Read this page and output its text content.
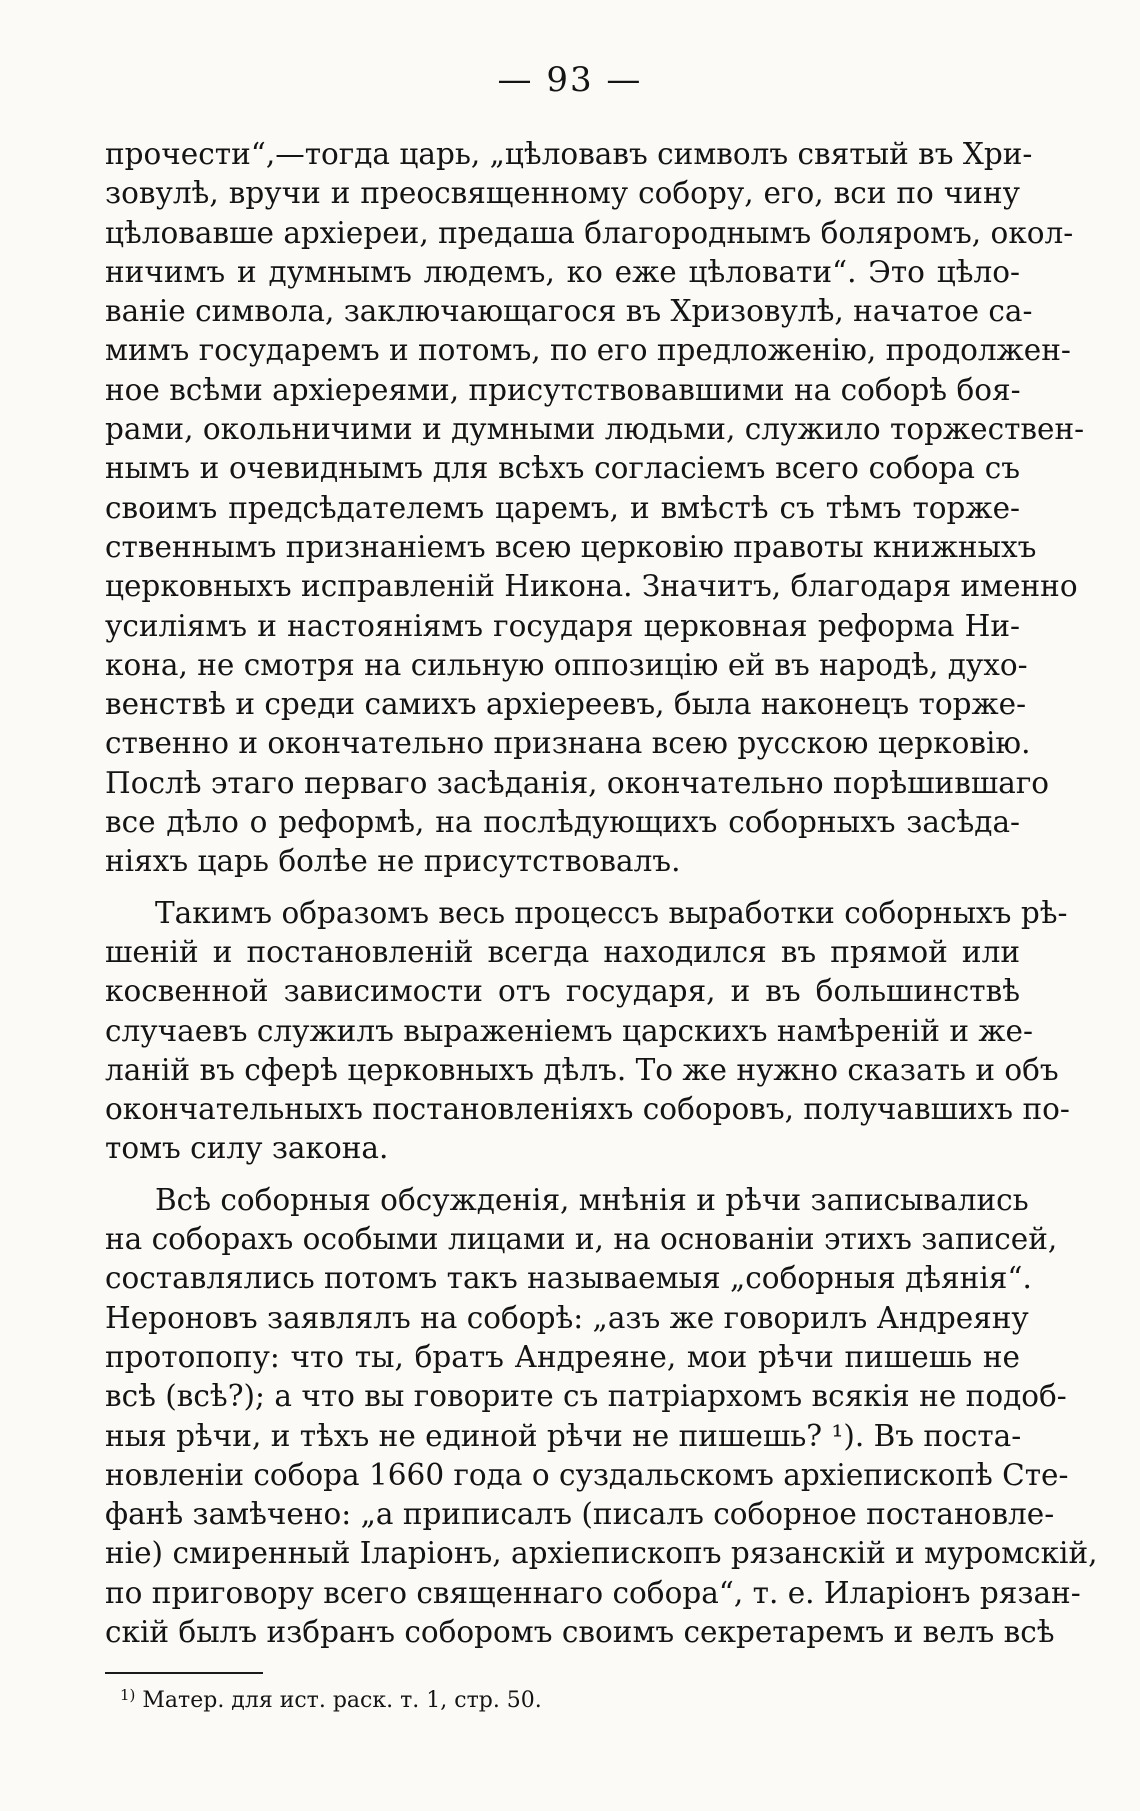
— 93 —
прочести“,—тогда царь, „цѣловавъ символъ святый въ Хри-
зовулѣ, вручи и преосвященному собору, его, вси по чину
цѣловавше архіереи, предаша благороднымъ боляромъ, окол-
ничимъ и думнымъ людемъ, ко еже цѣловати“. Это цѣло-
ваніе символа, заключающагося въ Хризовулѣ, начатое са-
мимъ государемъ и потомъ, по его предложенію, продолжен-
ное всѣми архіереями, присутствовавшими на соборѣ боя-
рами, окольничими и думными людьми, служило торжествен-
нымъ и очевиднымъ для всѣхъ согласіемъ всего собора съ
своимъ предсѣдателемъ царемъ, и вмѣстѣ съ тѣмъ торже-
ственнымъ признаніемъ всею церковію правоты книжныхъ
церковныхъ исправленій Никона. Значитъ, благодаря именно
усиліямъ и настояніямъ государя церковная реформа Ни-
кона, не смотря на сильную оппозицію ей въ народѣ, духо-
венствѣ и среди самихъ архіереевъ, была наконецъ торже-
ственно и окончательно признана всею русскою церковію.
Послѣ этаго перваго засѣданія, окончательно порѣшившаго
все дѣло о реформѣ, на послѣдующихъ соборныхъ засѣда-
ніяхъ царь болѣе не присутствовалъ.
Такимъ образомъ весь процессъ выработки соборныхъ рѣ-
шеній и постановленій всегда находился въ прямой или
косвенной зависимости отъ государя, и въ большинствѣ
случаевъ служилъ выраженіемъ царскихъ намѣреній и же-
ланій въ сферѣ церковныхъ дѣлъ. То же нужно сказать и объ
окончательныхъ постановленіяхъ соборовъ, получавшихъ по-
томъ силу закона.
Всѣ соборныя обсужденія, мнѣнія и рѣчи записывались
на соборахъ особыми лицами и, на основаніи этихъ записей,
составлялись потомъ такъ называемыя „соборныя дѣянія“.
Нероновъ заявлялъ на соборѣ: „азъ же говорилъ Андреяну
протопопу: что ты, братъ Андреяне, мои рѣчи пишешь не
всѣ (всѣ?); а что вы говорите съ патріархомъ всякія не подоб-
ныя рѣчи, и тѣхъ не единой рѣчи не пишешь? ¹). Въ поста-
новленіи собора 1660 года о суздальскомъ архіепископѣ Сте-
фанѣ замѣчено: „а приписалъ (писалъ соборное постановле-
ніе) смиренный Іларіонъ, архіепископъ рязанскій и муромскій,
по приговору всего священнаго собора“, т. е. Иларіонъ рязан-
скій былъ избранъ соборомъ своимъ секретаремъ и велъ всѣ
$^{1)}$ Матер. для ист. раск. т. 1, стр. 50.
